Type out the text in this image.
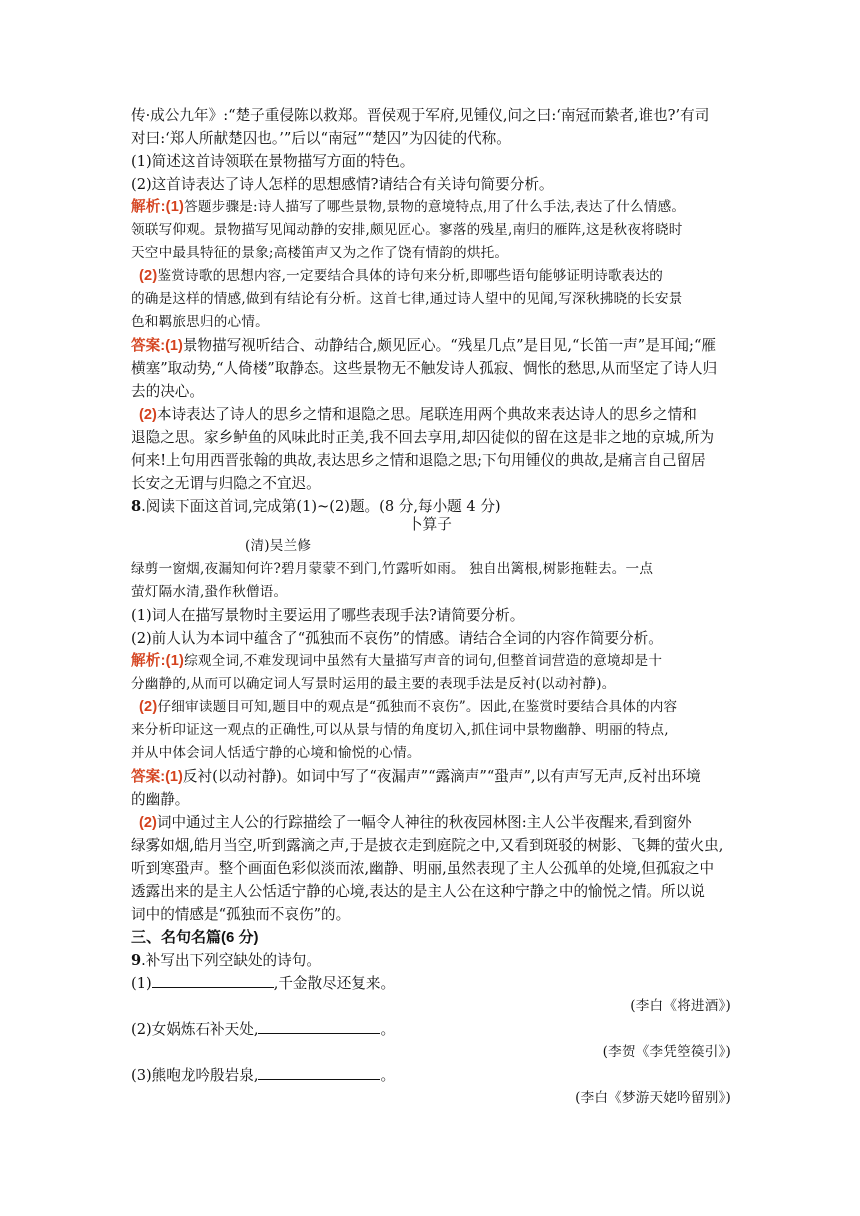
传·成公九年》:“楚子重侵陈以救郑。晋侯观于军府,见锺仪,问之曰:‘南冠而絷者,谁也?’有司
对曰:‘郑人所献楚囚也。’”后以“南冠”“楚囚”为囚徒的代称。
(1)简述这首诗领联在景物描写方面的特色。
(2)这首诗表达了诗人怎样的思想感情?请结合有关诗句简要分析。
解析:(1)答题步骤是:诗人描写了哪些景物,景物的意境特点,用了什么手法,表达了什么情感。
领联写仰观。景物描写见闻动静的安排,颇见匠心。寥落的残星,南归的雁阵,这是秋夜将晓时
天空中最具特征的景象;高楼笛声又为之作了饶有情韵的烘托。
(2)鉴赏诗歌的思想内容,一定要结合具体的诗句来分析,即哪些语句能够证明诗歌表达的
的确是这样的情感,做到有结论有分析。这首七律,通过诗人望中的见闻,写深秋拂晓的长安景
色和羁旅思归的心情。
答案:(1)景物描写视听结合、动静结合,颇见匠心。“残星几点”是目见,“长笛一声”是耳闻;“雁
横塞”取动势,“人倚楼”取静态。这些景物无不触发诗人孤寂、惆怅的愁思,从而坚定了诗人归
去的决心。
(2)本诗表达了诗人的思乡之情和退隐之思。尾联连用两个典故来表达诗人的思乡之情和
退隐之思。家乡鲈鱼的风味此时正美,我不回去享用,却囚徒似的留在这是非之地的京城,所为
何来!上句用西晋张翰的典故,表达思乡之情和退隐之思;下句用锺仪的典故,是痛言自己留居
长安之无谓与归隐之不宜迟。
8.阅读下面这首词,完成第(1)~(2)题。(8 分,每小题 4 分)
卜算子
(清)吴兰修
绿剪一窗烟,夜漏知何许?碧月蒙蒙不到门,竹露听如雨。 独自出篱根,树影拖鞋去。一点
萤灯隔水清,蛩作秋僧语。
(1)词人在描写景物时主要运用了哪些表现手法?请简要分析。
(2)前人认为本词中蕴含了“孤独而不哀伤”的情感。请结合全词的内容作简要分析。
解析:(1)综观全词,不难发现词中虽然有大量描写声音的词句,但整首词营造的意境却是十
分幽静的,从而可以确定词人写景时运用的最主要的表现手法是反衬(以动衬静)。
(2)仔细审读题目可知,题目中的观点是“孤独而不哀伤”。因此,在鉴赏时要结合具体的内容
来分析印证这一观点的正确性,可以从景与情的角度切入,抓住词中景物幽静、明丽的特点,
并从中体会词人恬适宁静的心境和愉悦的心情。
答案:(1)反衬(以动衬静)。如词中写了“夜漏声”“露滴声”“蛩声”,以有声写无声,反衬出环境
的幽静。
(2)词中通过主人公的行踪描绘了一幅令人神往的秋夜园林图:主人公半夜醒来,看到窗外
绿雾如烟,皓月当空,听到露滴之声,于是披衣走到庭院之中,又看到斑驳的树影、飞舞的萤火虫,
听到寒蛩声。整个画面色彩似淡而浓,幽静、明丽,虽然表现了主人公孤单的处境,但孤寂之中
透露出来的是主人公恬适宁静的心境,表达的是主人公在这种宁静之中的愉悦之情。所以说
词中的情感是“孤独而不哀伤”的。
三、名句名篇(6 分)
9.补写出下列空缺处的诗句。
(1)	,千金散尽还复来。
(李白《将进酒》)
(2)女娲炼石补天处,	。
(李贺《李凭箜篌引》)
(3)熊咆龙吟殷岩泉,	。
(李白《梦游天姥吟留别》)
